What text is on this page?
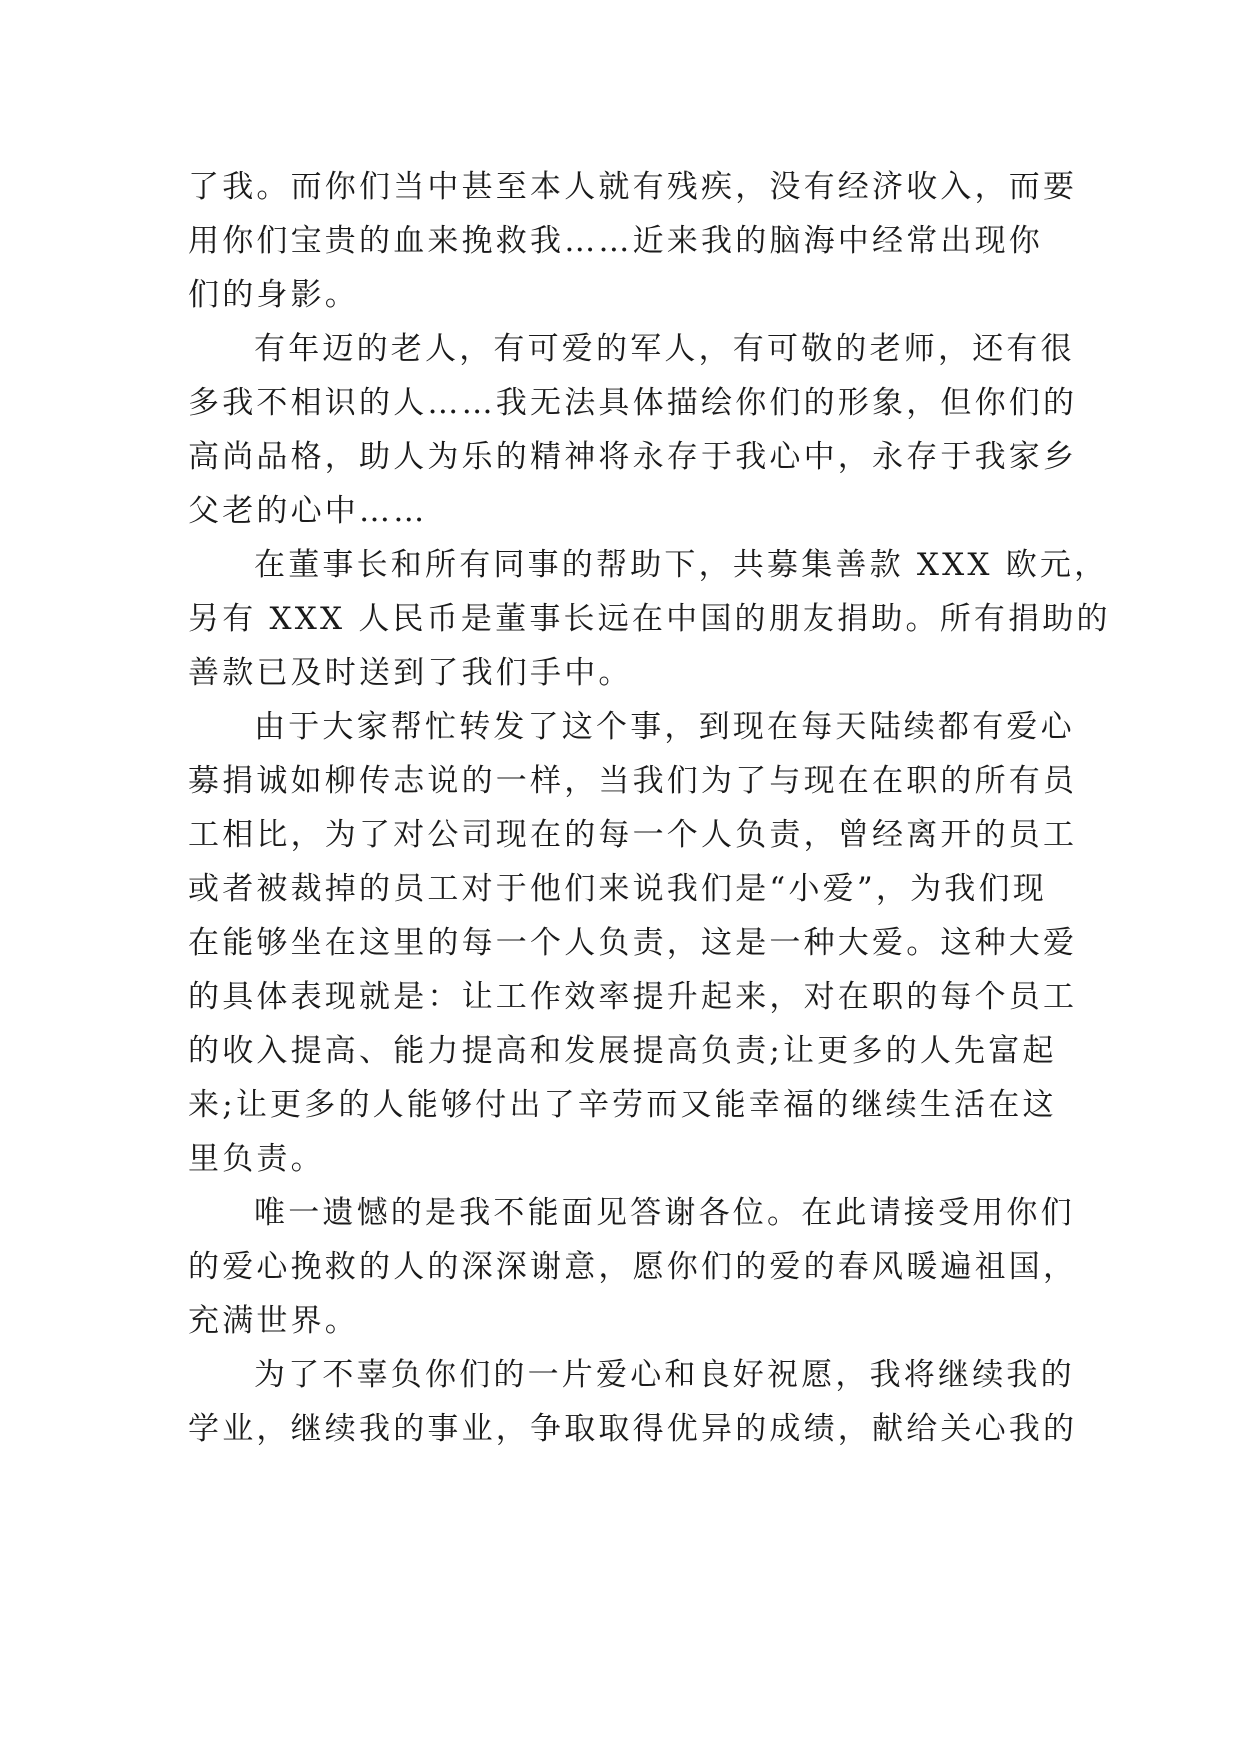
了我。而你们当中甚至本人就有残疾，没有经济收入，而要
用你们宝贵的血来挽救我……近来我的脑海中经常出现你
们的身影。
有年迈的老人，有可爱的军人，有可敬的老师，还有很
多我不相识的人……我无法具体描绘你们的形象，但你们的
高尚品格，助人为乐的精神将永存于我心中，永存于我家乡
父老的心中……
在董事长和所有同事的帮助下，共募集善款 XXX 欧元，
另有 XXX 人民币是董事长远在中国的朋友捐助。所有捐助的
善款已及时送到了我们手中。
由于大家帮忙转发了这个事，到现在每天陆续都有爱心
募捐诚如柳传志说的一样，当我们为了与现在在职的所有员
工相比，为了对公司现在的每一个人负责，曾经离开的员工
或者被裁掉的员工对于他们来说我们是“小爱”，为我们现
在能够坐在这里的每一个人负责，这是一种大爱。这种大爱
的具体表现就是：让工作效率提升起来，对在职的每个员工
的收入提高、能力提高和发展提高负责;让更多的人先富起
来;让更多的人能够付出了辛劳而又能幸福的继续生活在这
里负责。
唯一遗憾的是我不能面见答谢各位。在此请接受用你们
的爱心挽救的人的深深谢意，愿你们的爱的春风暖遍祖国，
充满世界。
为了不辜负你们的一片爱心和良好祝愿，我将继续我的
学业，继续我的事业，争取取得优异的成绩，献给关心我的
